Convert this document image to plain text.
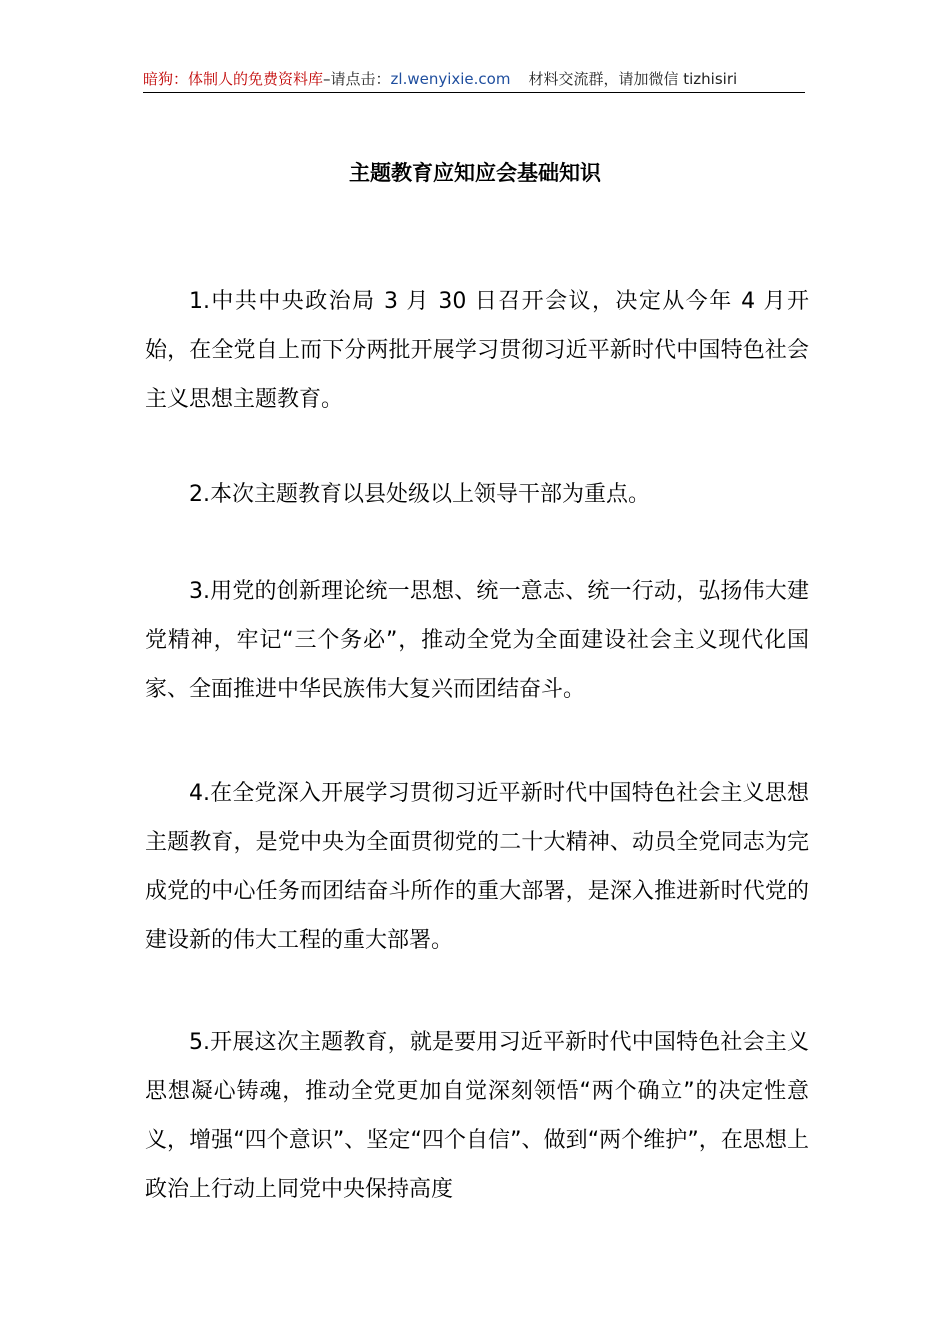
暗狗：体制人的免费资料库–请点击：zl.wenyixie.com 材料交流群，请加微信 tizhisiri
主题教育应知应会基础知识
1.中共中央政治局 3 月 30 日召开会议，决定从今年 4 月开始，在全党自上而下分两批开展学习贯彻习近平新时代中国特色社会主义思想主题教育。
2.本次主题教育以县处级以上领导干部为重点。
3.用党的创新理论统一思想、统一意志、统一行动，弘扬伟大建党精神，牢记“三个务必”，推动全党为全面建设社会主义现代化国家、全面推进中华民族伟大复兴而团结奋斗。
4.在全党深入开展学习贯彻习近平新时代中国特色社会主义思想主题教育，是党中央为全面贯彻党的二十大精神、动员全党同志为完成党的中心任务而团结奋斗所作的重大部署，是深入推进新时代党的建设新的伟大工程的重大部署。
5.开展这次主题教育，就是要用习近平新时代中国特色社会主义思想凝心铸魂，推动全党更加自觉深刻领悟“两个确立”的决定性意义，增强“四个意识”、坚定“四个自信”、做到“两个维护”，在思想上政治上行动上同党中央保持高度
